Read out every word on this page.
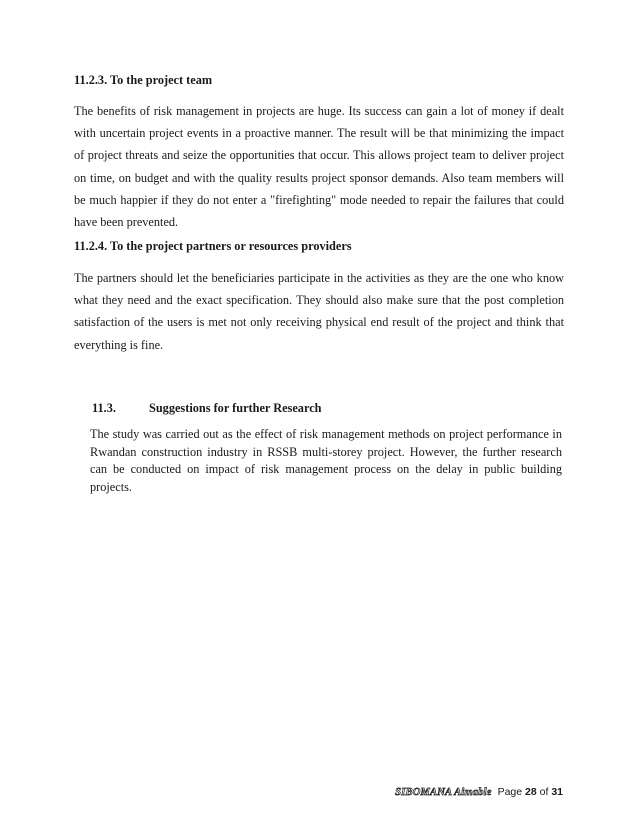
11.2.3. To the project team
The benefits of risk management in projects are huge. Its success can gain a lot of money if dealt with uncertain project events in a proactive manner. The result will be that minimizing the impact of project threats and seize the opportunities that occur. This allows project team to deliver project on time, on budget and with the quality results project sponsor demands. Also team members will be much happier if they do not enter a "firefighting" mode needed to repair the failures that could have been prevented.
11.2.4. To the project partners or resources providers
The partners should let the beneficiaries participate in the activities as they are the one who know what they need and the exact specification. They should also make sure that the post completion satisfaction of the users is met not only receiving physical end result of the project and think that everything is fine.
11.3.	Suggestions for further Research
The study was carried out as the effect of risk management methods on project performance in Rwandan construction industry in RSSB multi-storey project. However, the further research can be conducted on impact of risk management process on the delay in public building projects.
SIBOMANA Aimable Page 28 of 31
